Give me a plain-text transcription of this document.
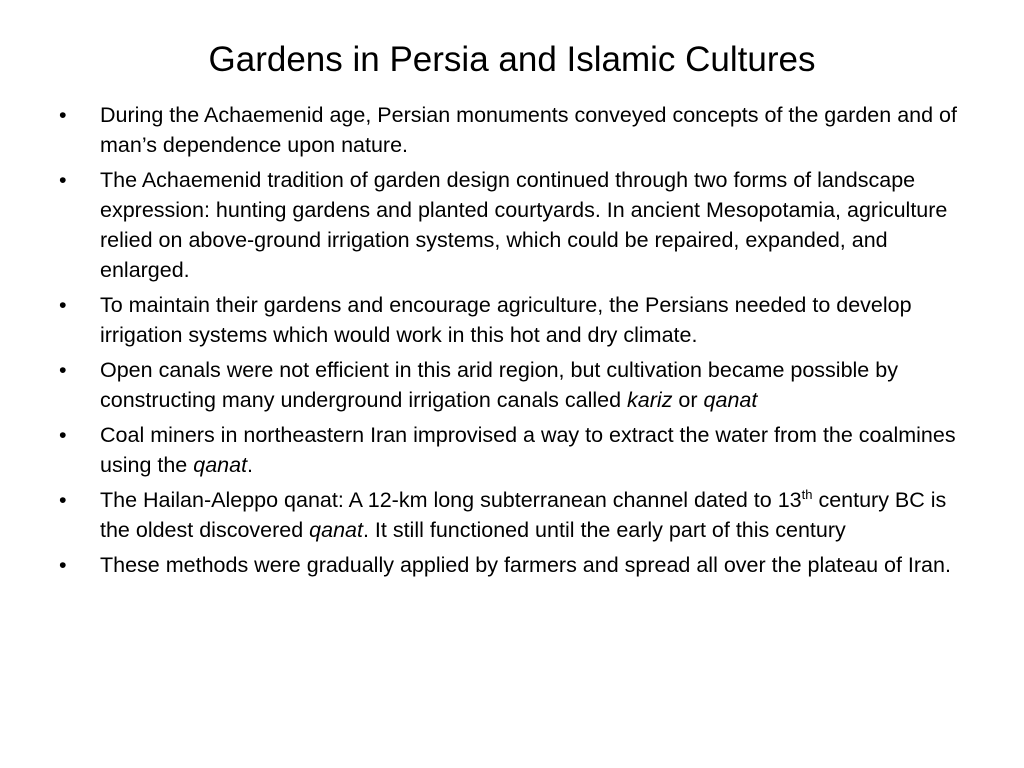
Gardens in Persia and Islamic Cultures
• During the Achaemenid age, Persian monuments conveyed concepts of the garden and of man’s dependence upon nature.
• The Achaemenid tradition of garden design continued through two forms of landscape expression: hunting gardens and planted courtyards. In ancient Mesopotamia, agriculture relied on above-ground irrigation systems, which could be repaired, expanded, and enlarged.
• To maintain their gardens and encourage agriculture, the Persians needed to develop irrigation systems which would work in this hot and dry climate.
• Open canals were not efficient in this arid region, but cultivation became possible by constructing many underground irrigation canals called kariz or qanat
• Coal miners in northeastern Iran improvised a way to extract the water from the coalmines using the qanat.
• The Hailan-Aleppo qanat: A 12-km long subterranean channel dated to 13th century BC is the oldest discovered qanat. It still functioned until the early part of this century
• These methods were gradually applied by farmers and spread all over the plateau of Iran.
